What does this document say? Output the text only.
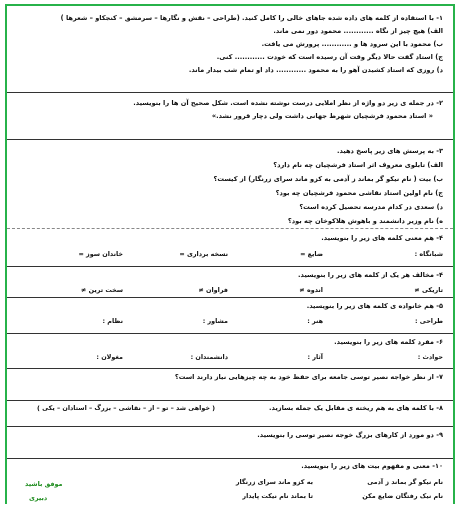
۱- با استفاده از کلمه های داده شده جاهای خالی را کامل کنید. (طراحی – نقش و نگارها – سرمشق – کنجکاو – شعرها )
الف) هیچ چیز از نگاه ............ محمود دور نمی ماند.
ب) محمود با این سرود ها و ............ پرورش می یافت.
ج) استاد گفت حالا دیگر وقت آن رسیده است که خودت ............ کنی.
د) روزی که استاد کشیدن آهو را به محمود ............ داد او تمام شب بیدار ماند.
۲- در جمله ی زیر دو واژه از نظر املایی درست نوشته نشده است. شکل صحیح آن ها را بنویسید.
« استاد محمود فرشچیان شهرط جهانی داشت ولی دچار قرور نشد.»
۳- به پرسش های زیر پاسخ دهید.
الف) تابلوی معروف اثر استاد فرشچیان چه نام دارد؟
ب) بیت ( نام نیکو گر بماند ز آدمی به کزو ماند سرای زرنگار) از کیست؟
ج) نام اولین استاد نقاشی محمود فرشچیان چه بود؟
د) سعدی در کدام مدرسه تحصیل کرده است؟
ه) نام وزیر دانشمند و باهوش هلاکوخان چه بود؟
۴- هم معنی کلمه های زیر را بنویسید.
شبانگاه :
ضایع =
نسخه برداری =
خاندان سوز =
۴- مخالف هر یک از کلمه های زیر را بنویسید.
تاریکی ≠
اندوه ≠
فراوان ≠
سخت ترین ≠
۵- هم خانواده ی کلمه های زیر را بنویسید.
طراحی :
هنر :
مشاور :
نظام :
۶- مفرد کلمه های زیر را بنویسید.
حوادث :
آثار :
دانشمندان :
مغولان :
۷- از نظر خواجه نصیر توسی جامعه برای حفظ خود به چه چیزهایی نیاز دارند است؟
۸- با کلمه های به هم ریخته ی مقابل یک جمله بسازید.
( خواهی شد – تو – از – نقاشی – بزرگ – استادان – یکی )
۹- دو مورد از کارهای بزرگ خوجه نصیر توسی را بنویسید.
۱۰- معنی و مفهوم بیت های زیر را بنویسید.
نام نیکو گر بماند ز آدمی
به کزو ماند سرای زرنگار
نام نیک رفتگان ضایع مکن
تا بماند نام نیکت پایدار
موفق باشید
دبیری
